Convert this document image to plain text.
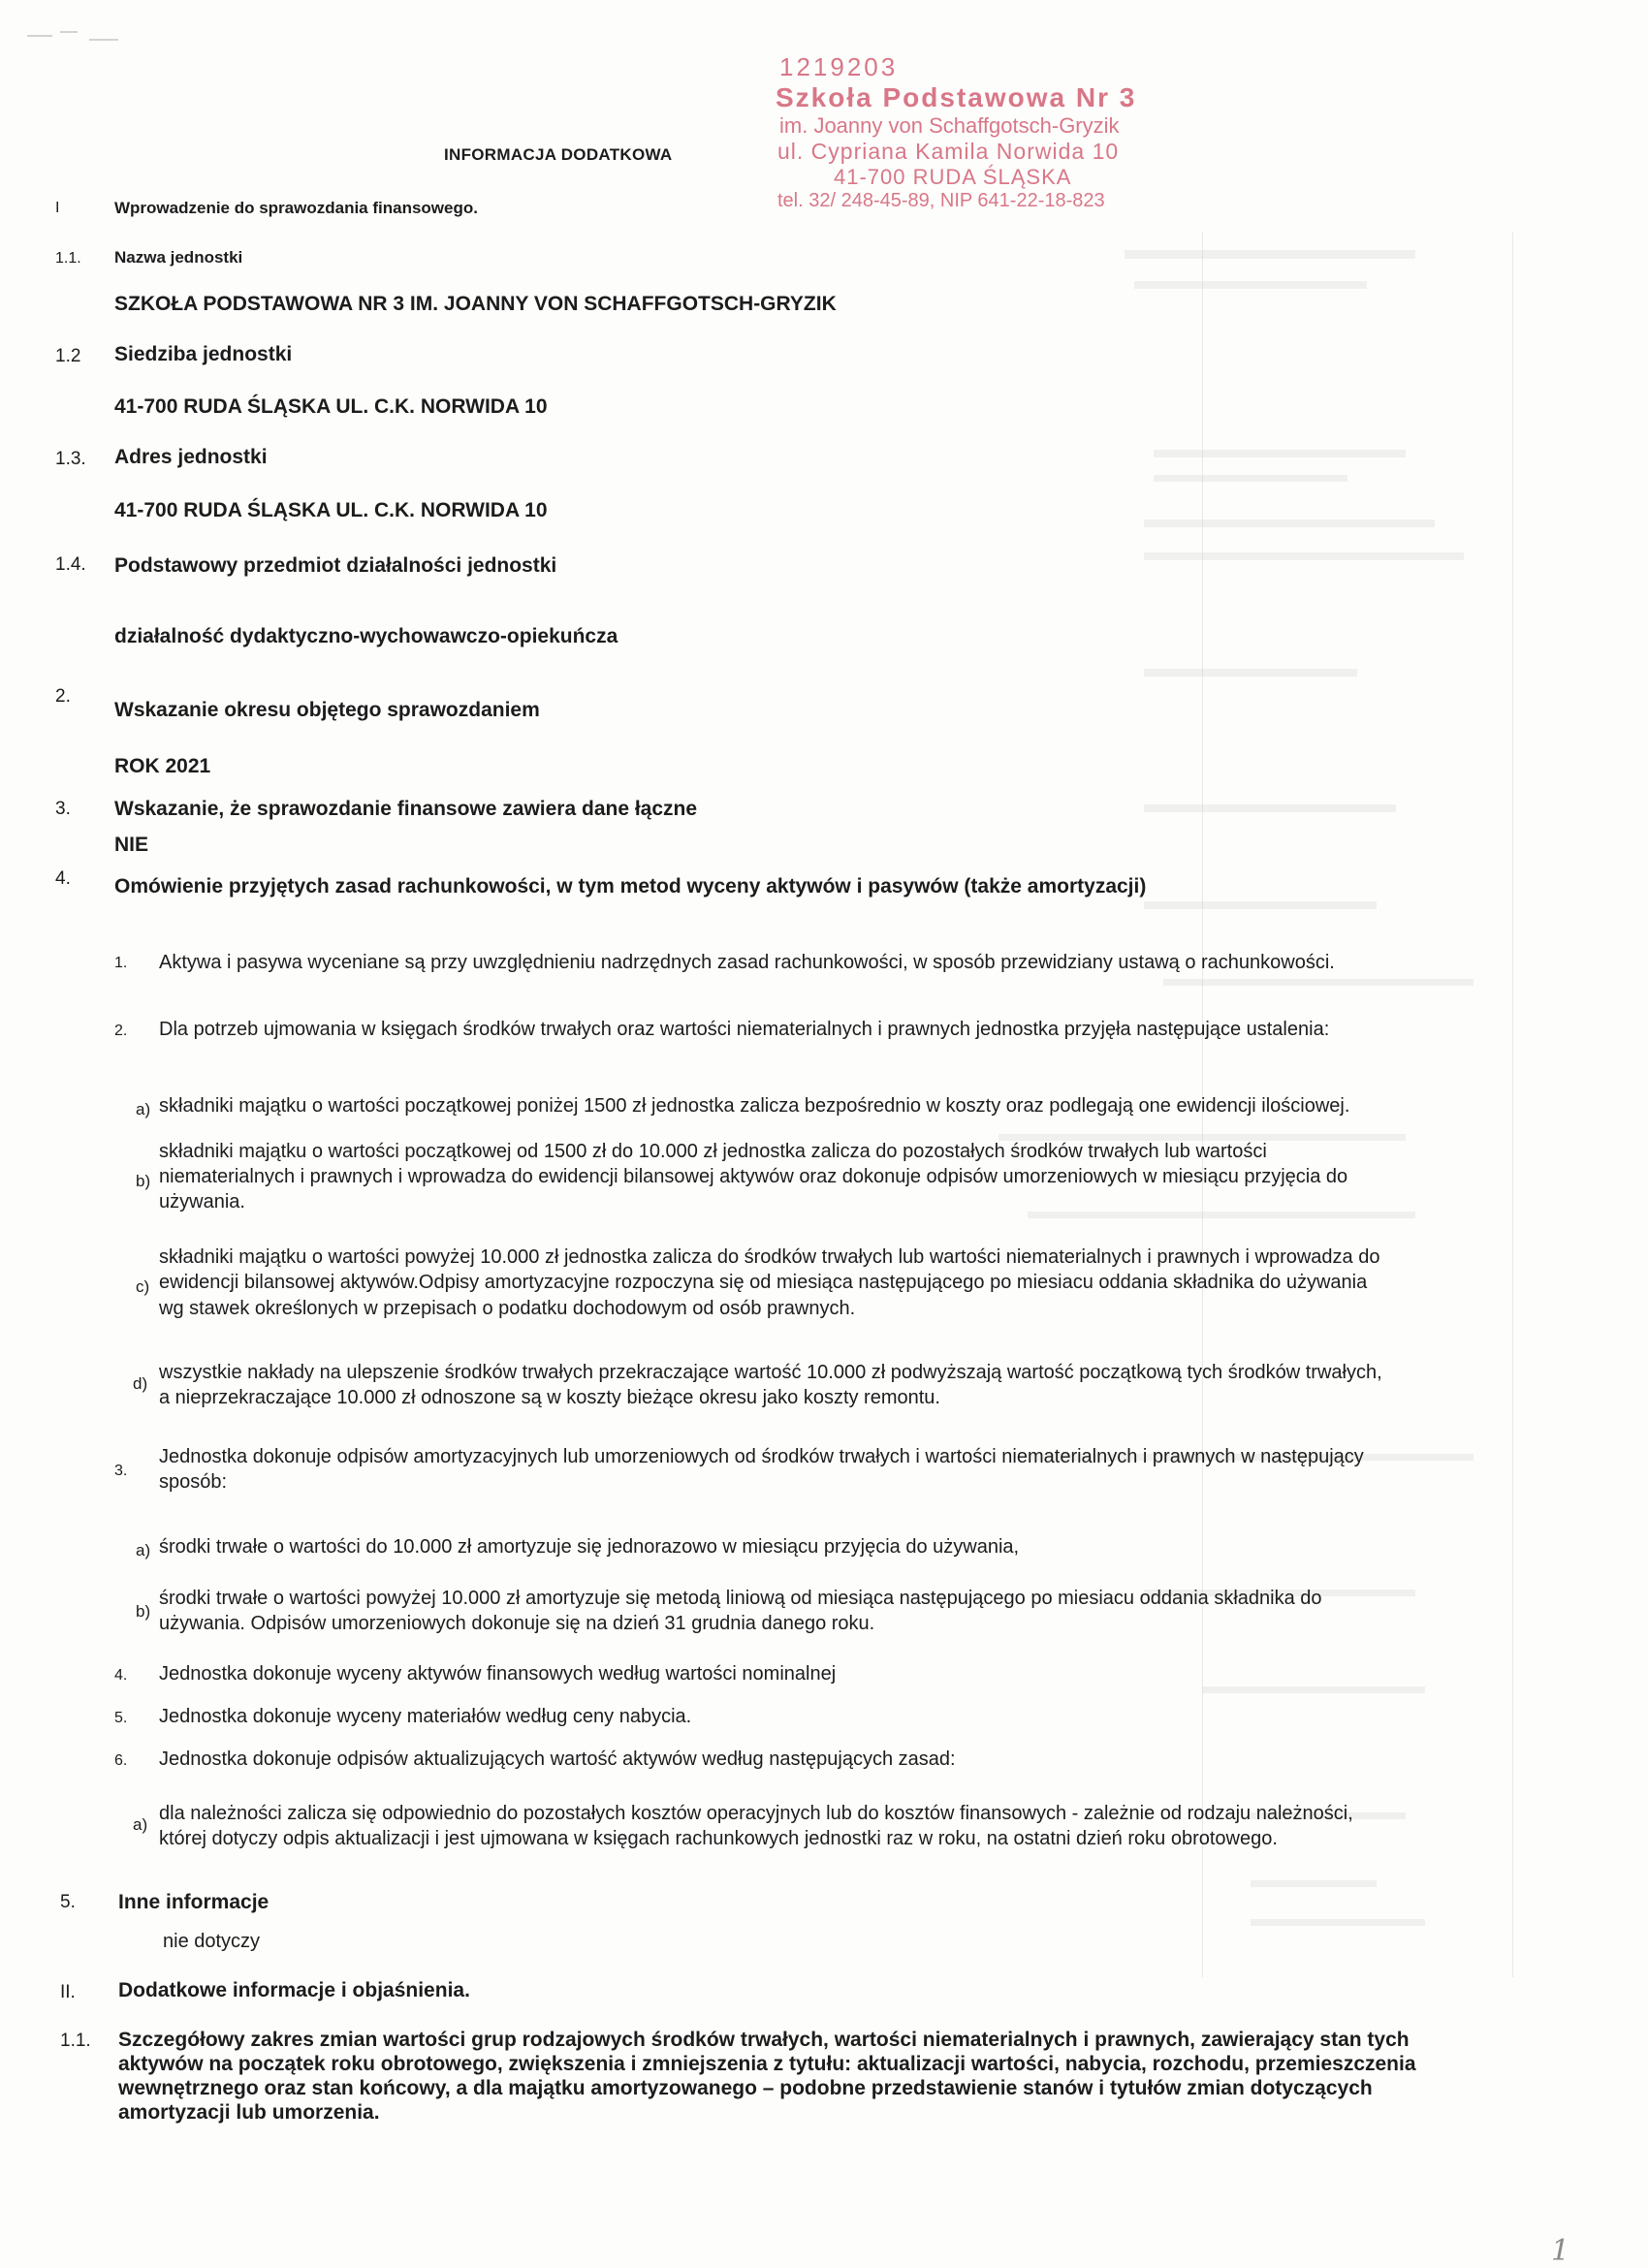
1219203
Szkoła Podstawowa Nr 3
im. Joanny von Schaffgotsch-Gryzik
ul. Cypriana Kamila Norwida 10
41-700 RUDA ŚLĄSKA
tel. 32/ 248-45-89, NIP 641-22-18-823
INFORMACJA DODATKOWA
I	Wprowadzenie do sprawozdania finansowego.
1.1. Nazwa jednostki
SZKOŁA PODSTAWOWA NR 3 IM. JOANNY VON SCHAFFGOTSCH-GRYZIK
1.2 Siedziba jednostki
41-700 RUDA ŚLĄSKA UL. C.K. NORWIDA 10
1.3. Adres jednostki
41-700 RUDA ŚLĄSKA UL. C.K. NORWIDA 10
1.4. Podstawowy przedmiot działalności jednostki
działalność dydaktyczno-wychowawczo-opiekuńcza
2.
Wskazanie okresu objętego sprawozdaniem
ROK 2021
3. Wskazanie, że sprawozdanie finansowe zawiera dane łączne
NIE
4. Omówienie przyjętych zasad rachunkowości, w tym metod wyceny aktywów i pasywów (także amortyzacji)
1. Aktywa i pasywa wyceniane są przy uwzględnieniu nadrzędnych zasad rachunkowości, w sposób przewidziany ustawą o rachunkowości.
2. Dla potrzeb ujmowania w księgach środków trwałych oraz wartości niematerialnych i prawnych jednostka przyjęła następujące ustalenia:
a) składniki majątku o wartości początkowej poniżej 1500 zł jednostka zalicza bezpośrednio w koszty oraz podlegają one ewidencji ilościowej.
składniki majątku o wartości początkowej od 1500 zł do 10.000 zł jednostka zalicza do pozostałych środków trwałych lub wartości
b) niematerialnych i prawnych i wprowadza do ewidencji bilansowej aktywów oraz dokonuje odpisów umorzeniowych w miesiącu przyjęcia do
używania.
składniki majątku o wartości powyżej 10.000 zł jednostka zalicza do środków trwałych lub wartości niematerialnych i prawnych i wprowadza do
c) ewidencji bilansowej aktywów.Odpisy amortyzacyjne rozpoczyna się od miesiąca następującego po miesiacu oddania składnika do używania
wg stawek określonych w przepisach o podatku dochodowym od osób prawnych.
wszystkie nakłady na ulepszenie środków trwałych przekraczające wartość 10.000 zł podwyższają wartość początkową tych środków trwałych,
d)
a nieprzekraczające 10.000 zł odnoszone są w koszty bieżące okresu jako koszty remontu.
Jednostka dokonuje odpisów amortyzacyjnych lub umorzeniowych od środków trwałych i wartości niematerialnych i prawnych w następujący
3.
sposób:
a) środki trwałe o wartości do 10.000 zł amortyzuje się jednorazowo w miesiącu przyjęcia do używania,
środki trwałe o wartości powyżej 10.000 zł amortyzuje się metodą liniową od miesiąca następującego po miesiacu oddania składnika do
b)
używania. Odpisów umorzeniowych dokonuje się na dzień 31 grudnia danego roku.
4. Jednostka dokonuje wyceny aktywów finansowych według wartości nominalnej
5. Jednostka dokonuje wyceny materiałów według ceny nabycia.
6. Jednostka dokonuje odpisów aktualizujących wartość aktywów według następujących zasad:
dla należności zalicza się odpowiednio do pozostałych kosztów operacyjnych lub do kosztów finansowych - zależnie od rodzaju należności,
a)
której dotyczy odpis aktualizacji i jest ujmowana w księgach rachunkowych jednostki raz w roku, na ostatni dzień roku obrotowego.
5. Inne informacje
nie dotyczy
II. Dodatkowe informacje i objaśnienia.
1.1. Szczegółowy zakres zmian wartości grup rodzajowych środków trwałych, wartości niematerialnych i prawnych, zawierający stan tych
aktywów na początek roku obrotowego, zwiększenia i zmniejszenia z tytułu: aktualizacji wartości, nabycia, rozchodu, przemieszczenia
wewnętrznego oraz stan końcowy, a dla majątku amortyzowanego – podobne przedstawienie stanów i tytułów zmian dotyczących
amortyzacji lub umorzenia.
1
